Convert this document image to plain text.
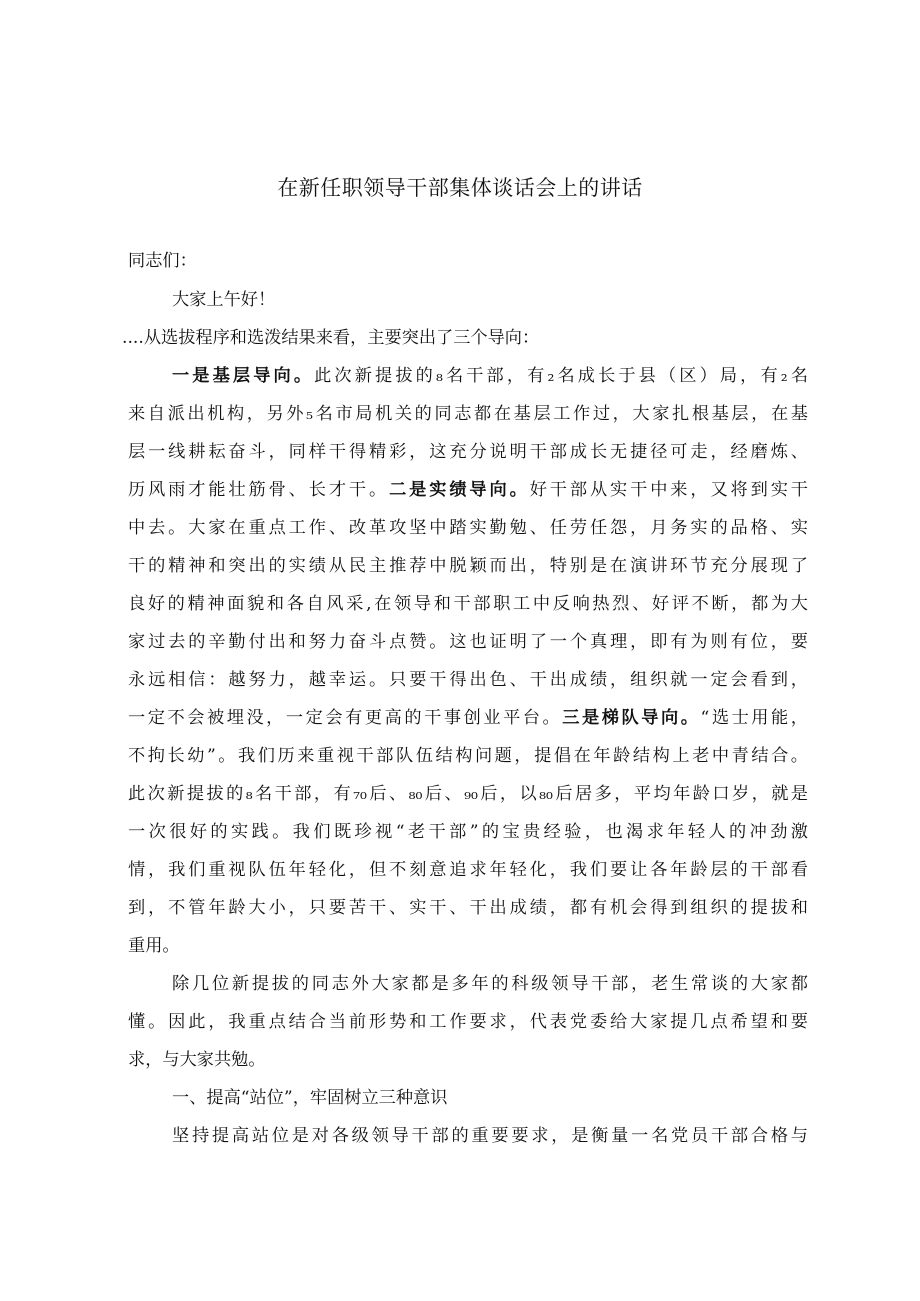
在新任职领导干部集体谈话会上的讲话

同志们：

大家上午好！

....从选拔程序和选泼结果来看，主要突出了三个导向：

一是基层导向。此次新提拔的₈名干部，有₂名成长于县（区）局，有₂名

来自派出机构，另外₅名市局机关的同志都在基层工作过，大家扎根基层，在基

层一线耕耘奋斗，同样干得精彩，这充分说明干部成长无捷径可走，经磨炼、

历风雨才能壮筋骨、长才干。二是实绩导向。好干部从实干中来，又将到实干

中去。大家在重点工作、改革攻坚中踏实勤勉、任劳任怨，月务实的品格、实

干的精神和突出的实绩从民主推荐中脱颖而出，特别是在演讲环节充分展现了

良好的精神面貌和各自风采,在领导和干部职工中反响热烈、好评不断，都为大

家过去的辛勤付出和努力奋斗点赞。这也证明了一个真理，即有为则有位，要

永远相信：越努力，越幸运。只要干得出色、干出成绩，组织就一定会看到，

一定不会被埋没，一定会有更高的干事创业平台。三是梯队导向。“选士用能，

不拘长幼”。我们历来重视干部队伍结构问题，提倡在年龄结构上老中青结合。

此次新提拔的₈名干部，有₇₀后、₈₀后、₉₀后，以₈₀后居多，平均年龄口岁，就是

一次很好的实践。我们既珍视“老干部”的宝贵经验，也渴求年轻人的冲劲激

情，我们重视队伍年轻化，但不刻意追求年轻化，我们要让各年龄层的干部看

到，不管年龄大小，只要苦干、实干、干出成绩，都有机会得到组织的提拔和

重用。

除几位新提拔的同志外大家都是多年的科级领导干部，老生常谈的大家都

懂。因此，我重点结合当前形势和工作要求，代表党委给大家提几点希望和要

求，与大家共勉。

一、提高“站位”，牢固树立三种意识

坚持提高站位是对各级领导干部的重要要求，是衡量一名党员干部合格与
